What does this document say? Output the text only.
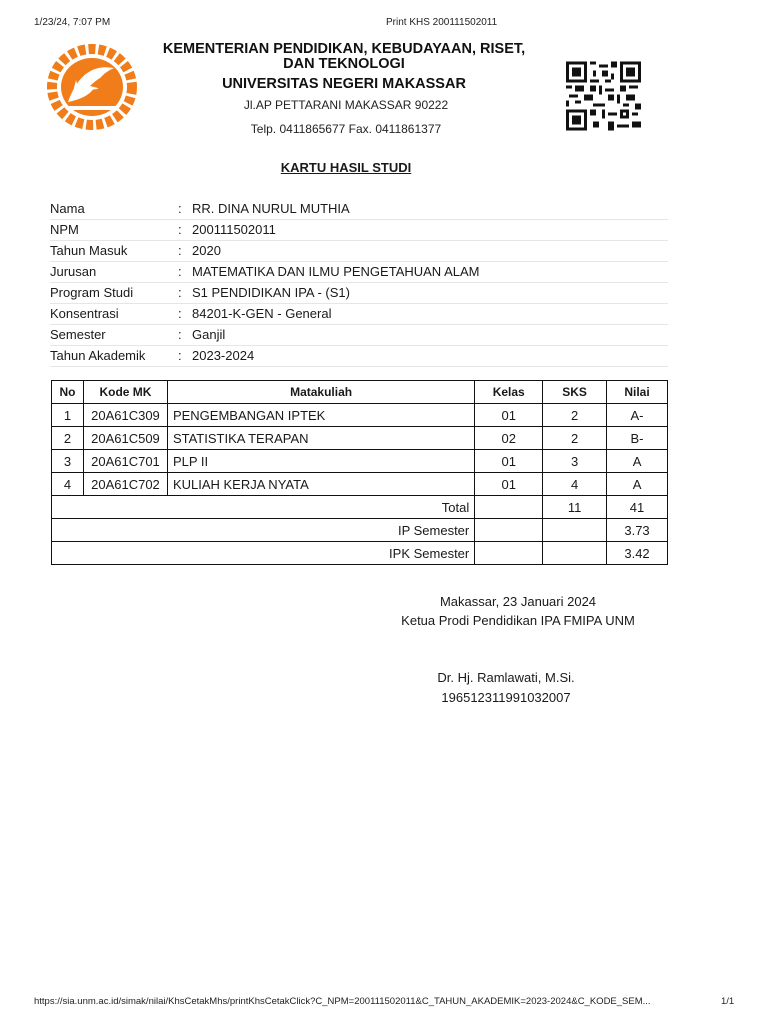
1/23/24, 7:07 PM	Print KHS 200111502011
KEMENTERIAN PENDIDIKAN, KEBUDAYAAN, RISET,
DAN TEKNOLOGI
UNIVERSITAS NEGERI MAKASSAR
Jl.AP PETTARANI MAKASSAR 90222
Telp. 0411865677 Fax. 0411861377
KARTU HASIL STUDI
Nama	: RR. DINA NURUL MUTHIA
NPM	: 200111502011
Tahun Masuk	: 2020
Jurusan	: MATEMATIKA DAN ILMU PENGETAHUAN ALAM
Program Studi	: S1 PENDIDIKAN IPA - (S1)
Konsentrasi	: 84201-K-GEN - General
Semester	: Ganjil
Tahun Akademik	: 2023-2024
No	Kode MK	Matakuliah	Kelas	SKS	Nilai
1	20A61C309	PENGEMBANGAN IPTEK	01	2	A-
2	20A61C509	STATISTIKA TERAPAN	02	2	B-
3	20A61C701	PLP II	01	3	A
4	20A61C702	KULIAH KERJA NYATA	01	4	A
Total				11	41
IP Semester					3.73
IPK Semester					3.42
Makassar, 23 Januari 2024
Ketua Prodi Pendidikan IPA FMIPA UNM
Dr. Hj. Ramlawati, M.Si.
196512311991032007
https://sia.unm.ac.id/simak/nilai/KhsCetakMhs/printKhsCetakClick?C_NPM=200111502011&C_TAHUN_AKADEMIK=2023-2024&C_KODE_SEM...	1/1
